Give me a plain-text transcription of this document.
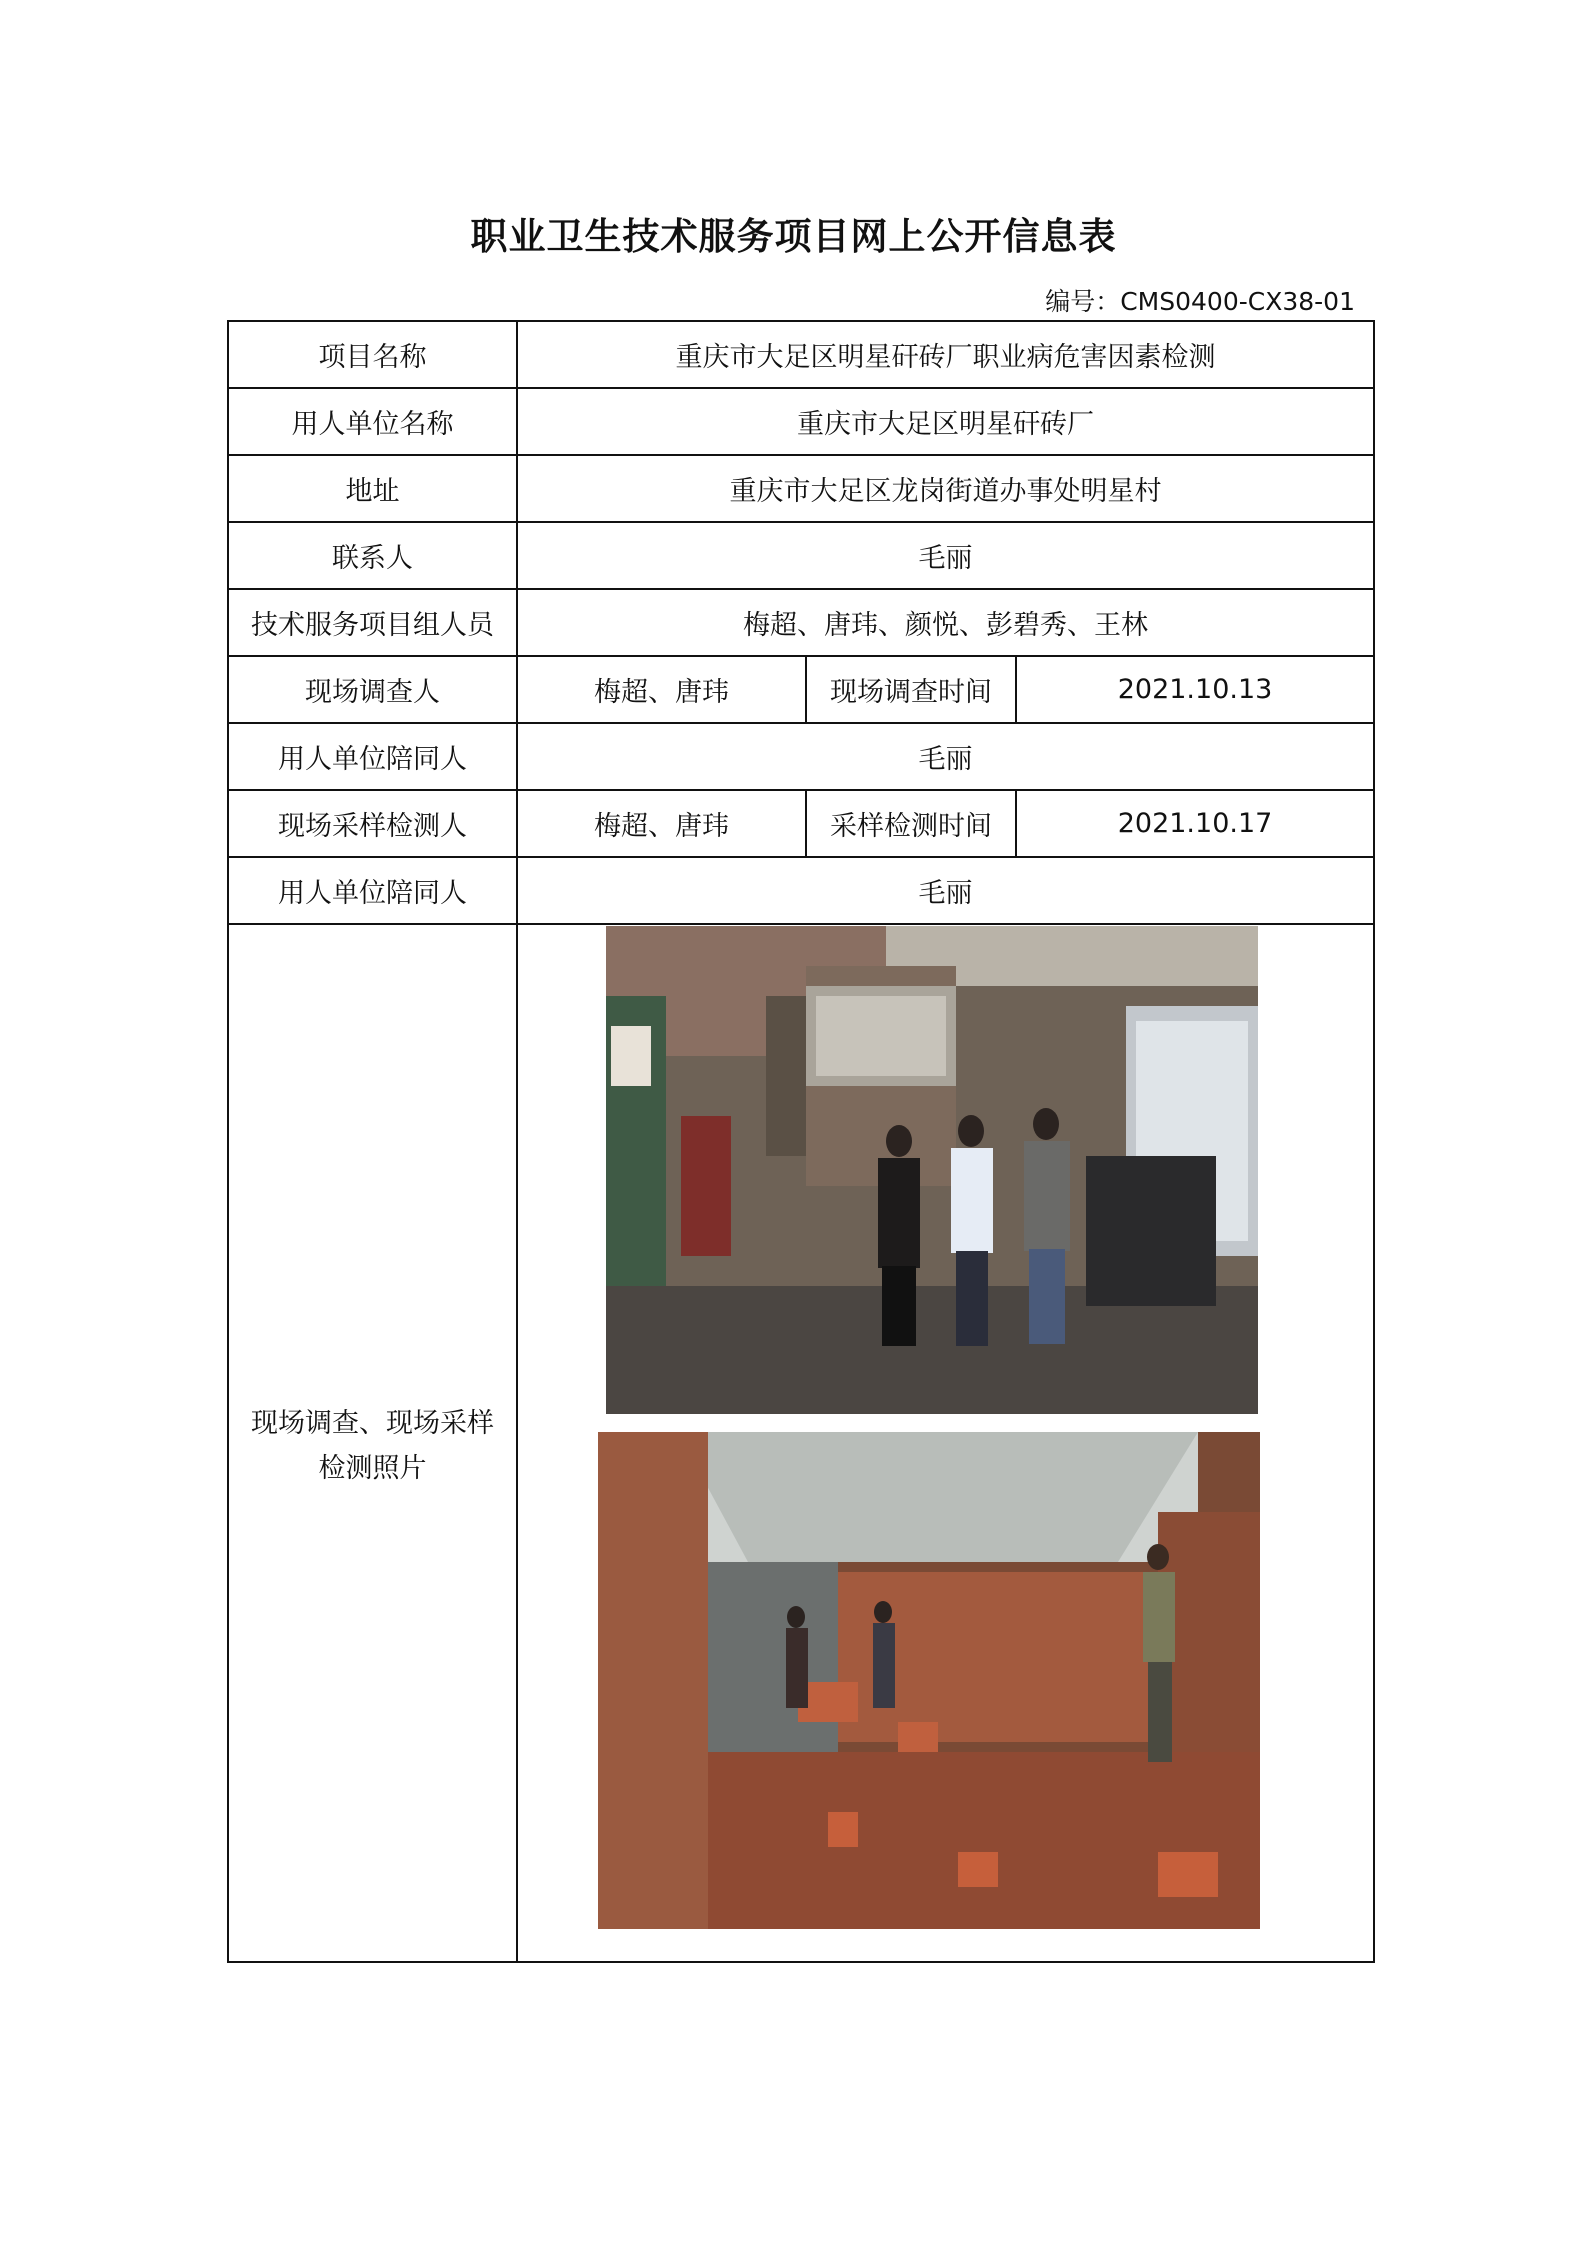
职业卫生技术服务项目网上公开信息表
编号：CMS0400-CX38-01
项目名称	重庆市大足区明星矸砖厂职业病危害因素检测		
用人单位名称	重庆市大足区明星矸砖厂		
地址	重庆市大足区龙岗街道办事处明星村		
联系人	毛丽		
技术服务项目组人员	梅超、唐玮、颜悦、彭碧秀、王林		
现场调查人	梅超、唐玮	现场调查时间	2021.10.13
用人单位陪同人	毛丽		
现场采样检测人	梅超、唐玮	采样检测时间	2021.10.17
用人单位陪同人	毛丽		

现场调查、现场采样
检测照片
